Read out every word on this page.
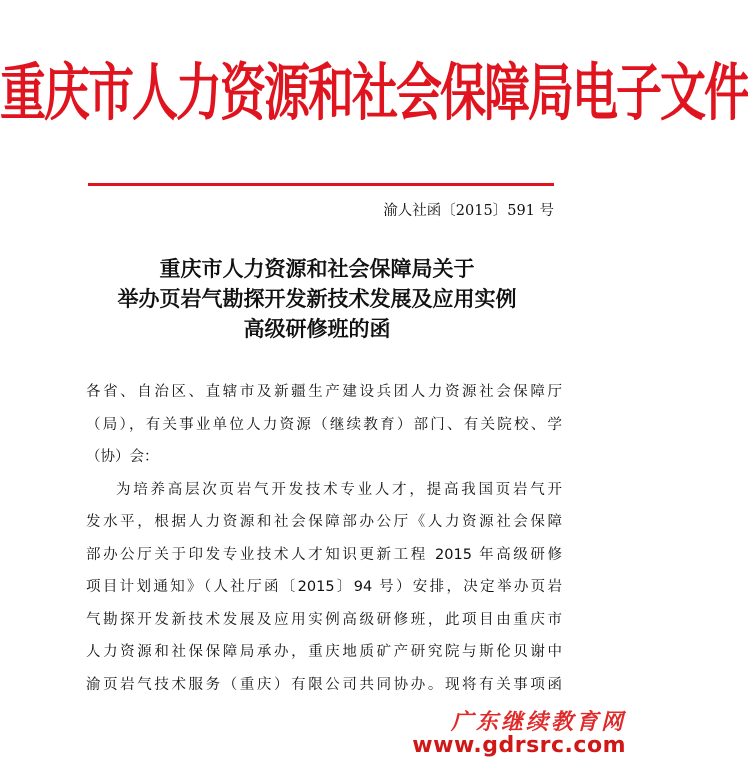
重庆市人力资源和社会保障局电子文件
渝人社函〔2015〕591 号
重庆市人力资源和社会保障局关于
举办页岩气勘探开发新技术发展及应用实例
高级研修班的函
各省、自治区、直辖市及新疆生产建设兵团人力资源社会保障厅
（局），有关事业单位人力资源（继续教育）部门、有关院校、学
（协）会：
为培养高层次页岩气开发技术专业人才，提高我国页岩气开
发水平，根据人力资源和社会保障部办公厅《人力资源社会保障
部办公厅关于印发专业技术人才知识更新工程 2015 年高级研修
项目计划通知》（人社厅函〔2015〕94 号）安排，决定举办页岩
气勘探开发新技术发展及应用实例高级研修班，此项目由重庆市
人力资源和社保保障局承办，重庆地质矿产研究院与斯伦贝谢中
渝页岩气技术服务（重庆）有限公司共同协办。现将有关事项函
广东继续教育网
www.gdrsrc.com
